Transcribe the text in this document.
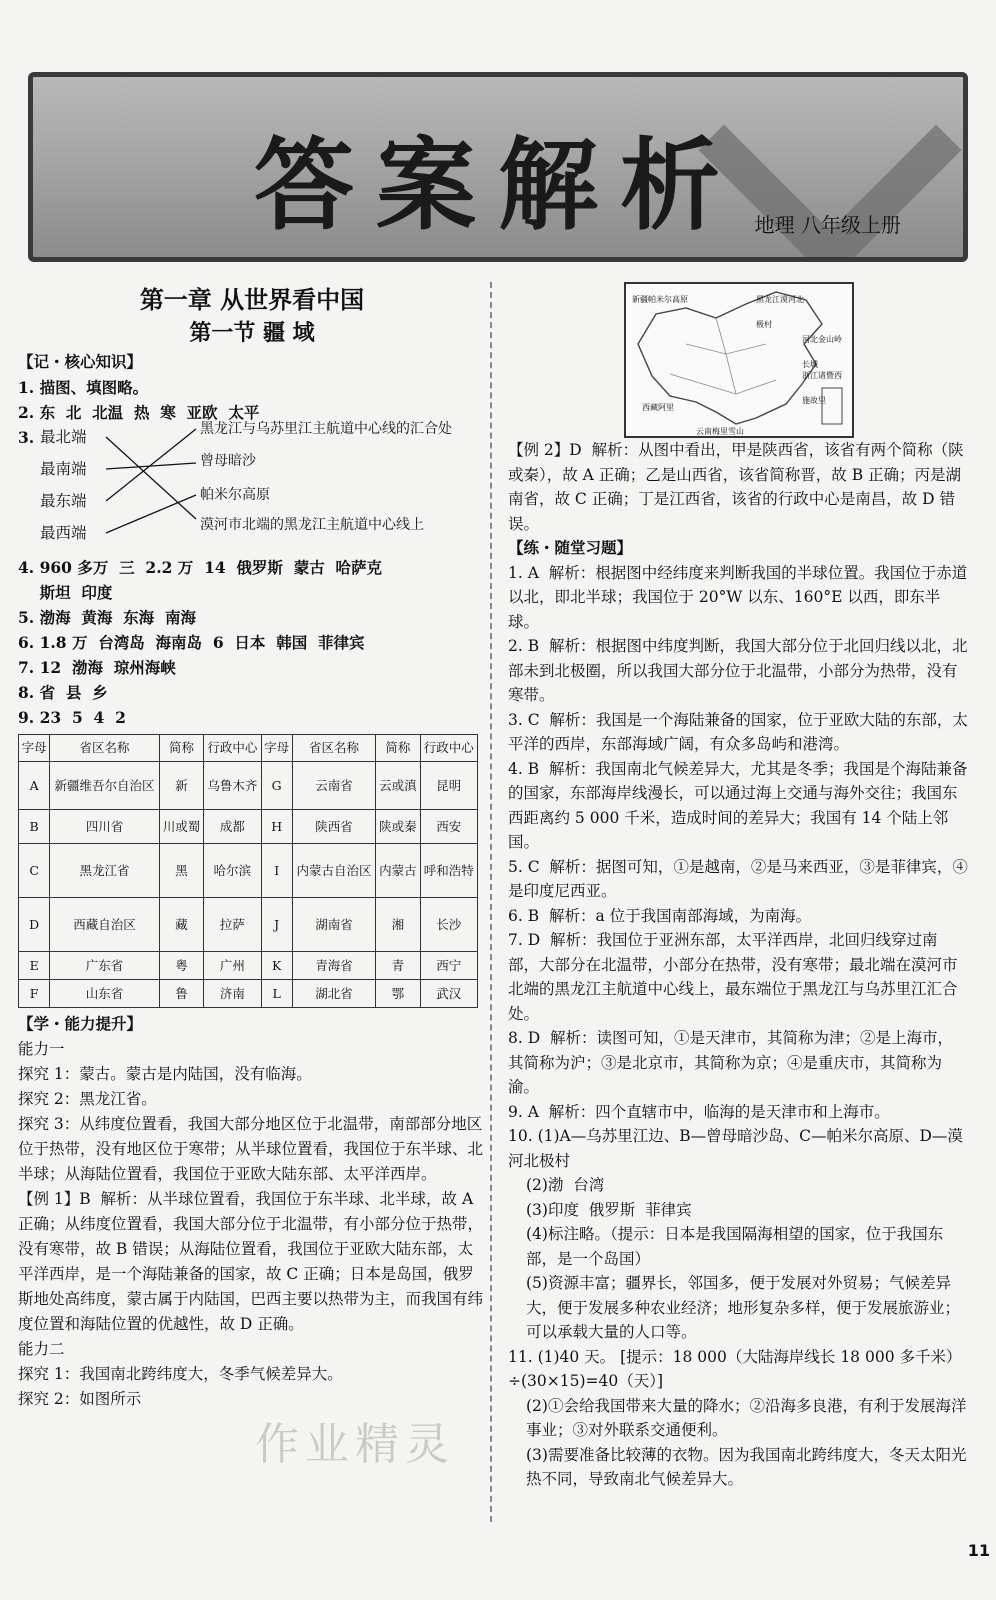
答案解析 地理 八年级上册
第一章 从世界看中国
第一节 疆 域
【记・核心知识】
1. 描图、填图略。
2. 东  北  北温  热  寒  亚欧  太平
3. 最北端
最南端
最东端
最西端
黑龙江与乌苏里江主航道中心线的汇合处
曾母暗沙
帕米尔高原
漠河市北端的黑龙江主航道中心线上
4. 960 多万  三  2.2 万  14  俄罗斯  蒙古  哈萨克
斯坦  印度
5. 渤海  黄海  东海  南海
6. 1.8 万  台湾岛  海南岛  6  日本  韩国  菲律宾
7. 12  渤海  琼州海峡
8. 省  县  乡
9. 23  5  4  2
字母	省区名称	简称	行政中心	字母	省区名称	简称	行政中心
A	新疆维吾尔自治区	新	乌鲁木齐	G	云南省	云或滇	昆明
B	四川省	川或蜀	成都	H	陕西省	陕或秦	西安
C	黑龙江省	黑	哈尔滨	I	内蒙古自治区	内蒙古	呼和浩特
D	西藏自治区	藏	拉萨	J	湖南省	湘	长沙
E	广东省	粤	广州	K	青海省	青	西宁
F	山东省	鲁	济南	L	湖北省	鄂	武汉
【学・能力提升】
能力一
探究 1：蒙古。蒙古是内陆国，没有临海。
探究 2：黑龙江省。
探究 3：从纬度位置看，我国大部分地区位于北温带，南部部分地区位于热带，没有地区位于寒带；从半球位置看，我国位于东半球、北半球；从海陆位置看，我国位于亚欧大陆东部、太平洋西岸。
【例 1】B  解析：从半球位置看，我国位于东半球、北半球，故 A 正确；从纬度位置看，我国大部分位于北温带，有小部分位于热带，没有寒带，故 B 错误；从海陆位置看，我国位于亚欧大陆东部，太平洋西岸，是一个海陆兼备的国家，故 C 正确；日本是岛国，俄罗斯地处高纬度，蒙古属于内陆国，巴西主要以热带为主，而我国有纬度位置和海陆位置的优越性，故 D 正确。
能力二
探究 1：我国南北跨纬度大，冬季气候差异大。
探究 2：如图所示
新疆帕米尔高原	黑龙江漠河北极村
河北金山岭长城
浙江诸暨西施故里
西藏阿里
云南梅里雪山
【例 2】D  解析：从图中看出，甲是陕西省，该省有两个简称（陕或秦），故 A 正确；乙是山西省，该省简称晋，故 B 正确；丙是湖南省，故 C 正确；丁是江西省，该省的行政中心是南昌，故 D 错误。
【练・随堂习题】
1. A  解析：根据图中经纬度来判断我国的半球位置。我国位于赤道以北，即北半球；我国位于 20°W 以东、160°E 以西，即东半球。
2. B  解析：根据图中纬度判断，我国大部分位于北回归线以北，北部未到北极圈，所以我国大部分位于北温带，小部分为热带，没有寒带。
3. C  解析：我国是一个海陆兼备的国家，位于亚欧大陆的东部，太平洋的西岸，东部海域广阔，有众多岛屿和港湾。
4. B  解析：我国南北气候差异大，尤其是冬季；我国是个海陆兼备的国家，东部海岸线漫长，可以通过海上交通与海外交往；我国东西距离约 5 000 千米，造成时间的差异大；我国有 14 个陆上邻国。
5. C  解析：据图可知，①是越南，②是马来西亚，③是菲律宾，④是印度尼西亚。
6. B  解析：a 位于我国南部海域，为南海。
7. D  解析：我国位于亚洲东部，太平洋西岸，北回归线穿过南部，大部分在北温带，小部分在热带，没有寒带；最北端在漠河市北端的黑龙江主航道中心线上，最东端位于黑龙江与乌苏里江汇合处。
8. D  解析：读图可知，①是天津市，其简称为津；②是上海市，其简称为沪；③是北京市，其简称为京；④是重庆市，其简称为渝。
9. A  解析：四个直辖市中，临海的是天津市和上海市。
10. (1)A—乌苏里江边、B—曾母暗沙岛、C—帕米尔高原、D—漠河北极村
(2)渤  台湾
(3)印度  俄罗斯  菲律宾
(4)标注略。（提示：日本是我国隔海相望的国家，位于我国东部，是一个岛国）
(5)资源丰富；疆界长，邻国多，便于发展对外贸易；气候差异大，便于发展多种农业经济；地形复杂多样，便于发展旅游业；可以承载大量的人口等。
11. (1)40 天。 [提示：18 000（大陆海岸线长 18 000 多千米）÷(30×15)=40（天）]
(2)①会给我国带来大量的降水；②沿海多良港，有利于发展海洋事业；③对外联系交通便利。
(3)需要准备比较薄的衣物。因为我国南北跨纬度大，冬天太阳光热不同，导致南北气候差异大。
作业精灵
11
